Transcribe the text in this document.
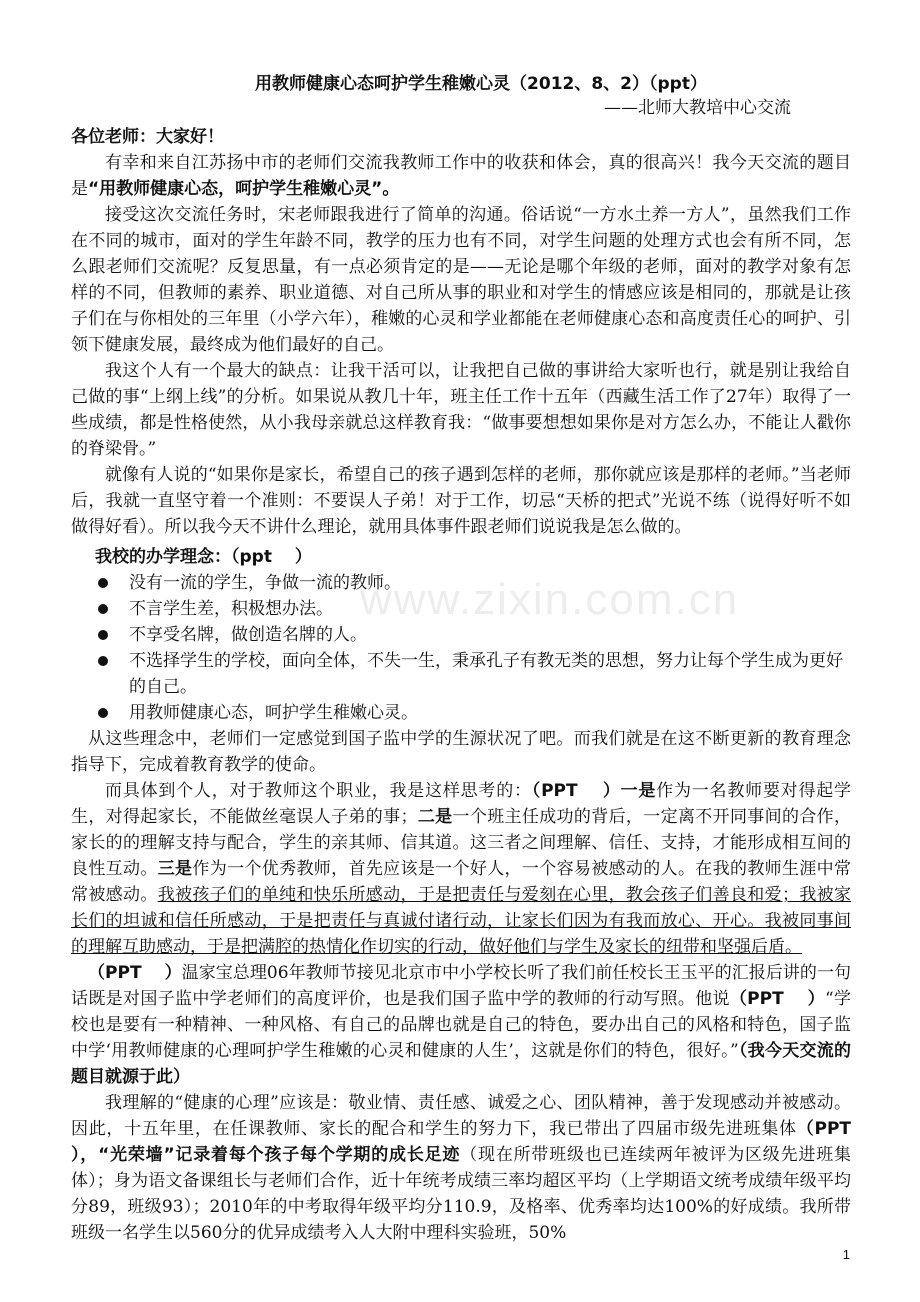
www.zixin.com.cn
用教师健康心态呵护学生稚嫩心灵（2012、8、2）（ppt）
——北师大教培中心交流
各位老师：大家好！

有幸和来自江苏扬中市的老师们交流我教师工作中的收获和体会，真的很高兴！我今天交流的题目是“用教师健康心态，呵护学生稚嫩心灵”。

接受这次交流任务时，宋老师跟我进行了简单的沟通。俗话说“一方水土养一方人”，虽然我们工作在不同的城市，面对的学生年龄不同，教学的压力也有不同，对学生问题的处理方式也会有所不同，怎么跟老师们交流呢？反复思量，有一点必须肯定的是——无论是哪个年级的老师，面对的教学对象有怎样的不同，但教师的素养、职业道德、对自己所从事的职业和对学生的情感应该是相同的，那就是让孩子们在与你相处的三年里（小学六年），稚嫩的心灵和学业都能在老师健康心态和高度责任心的呵护、引领下健康发展，最终成为他们最好的自己。

我这个人有一个最大的缺点：让我干活可以，让我把自己做的事讲给大家听也行，就是别让我给自己做的事“上纲上线”的分析。如果说从教几十年，班主任工作十五年（西藏生活工作了27年）取得了一些成绩，都是性格使然，从小我母亲就总这样教育我：“做事要想想如果你是对方怎么办，不能让人戳你的脊梁骨。”

就像有人说的“如果你是家长，希望自己的孩子遇到怎样的老师，那你就应该是那样的老师。”当老师后，我就一直坚守着一个准则：不要误人子弟！对于工作，切忌“天桥的把式”光说不练（说得好听不如做得好看）。所以我今天不讲什么理论，就用具体事件跟老师们说说我是怎么做的。

我校的办学理念：（ppt　 ）
没有一流的学生，争做一流的教师。
不言学生差，积极想办法。
不享受名牌，做创造名牌的人。
不选择学生的学校，面向全体，不失一生，秉承孔子有教无类的思想，努力让每个学生成为更好的自己。
用教师健康心态，呵护学生稚嫩心灵。

从这些理念中，老师们一定感觉到国子监中学的生源状况了吧。而我们就是在这不断更新的教育理念指导下，完成着教育教学的使命。

而具体到个人，对于教师这个职业，我是这样思考的：（PPT　 ）一是作为一名教师要对得起学生，对得起家长，不能做丝毫误人子弟的事；二是一个班主任成功的背后，一定离不开同事间的合作，家长的的理解支持与配合，学生的亲其师、信其道。这三者之间理解、信任、支持，才能形成相互间的良性互动。三是作为一个优秀教师，首先应该是一个好人，一个容易被感动的人。在我的教师生涯中常常被感动。我被孩子们的单纯和快乐所感动，于是把责任与爱刻在心里，教会孩子们善良和爱；我被家长们的坦诚和信任所感动，于是把责任与真诚付诸行动，让家长们因为有我而放心、开心。我被同事间的理解互助感动，于是把满腔的热情化作切实的行动，做好他们与学生及家长的纽带和坚强后盾。

（PPT　 ）温家宝总理06年教师节接见北京市中小学校长听了我们前任校长王玉平的汇报后讲的一句话既是对国子监中学老师们的高度评价，也是我们国子监中学的教师的行动写照。他说（PPT　 ）“学校也是要有一种精神、一种风格、有自己的品牌也就是自己的特色，要办出自己的风格和特色，国子监中学‘用教师健康的心理呵护学生稚嫩的心灵和健康的人生’，这就是你们的特色，很好。”（我今天交流的题目就源于此）

我理解的“健康的心理”应该是：敬业情、责任感、诚爱之心、团队精神，善于发现感动并被感动。因此，十五年里，在任课教师、家长的配合和学生的努力下，我已带出了四届市级先进班集体（PPT　 ），“光荣墙”记录着每个孩子每个学期的成长足迹（现在所带班级也已连续两年被评为区级先进班集体）；身为语文备课组长与老师们合作，近十年统考成绩三率均超区平均（上学期语文统考成绩年级平均分89，班级93）；2010年的中考取得年级平均分110.9，及格率、优秀率均达100%的好成绩。我所带班级一名学生以560分的优异成绩考入人大附中理科实验班，50%

1
